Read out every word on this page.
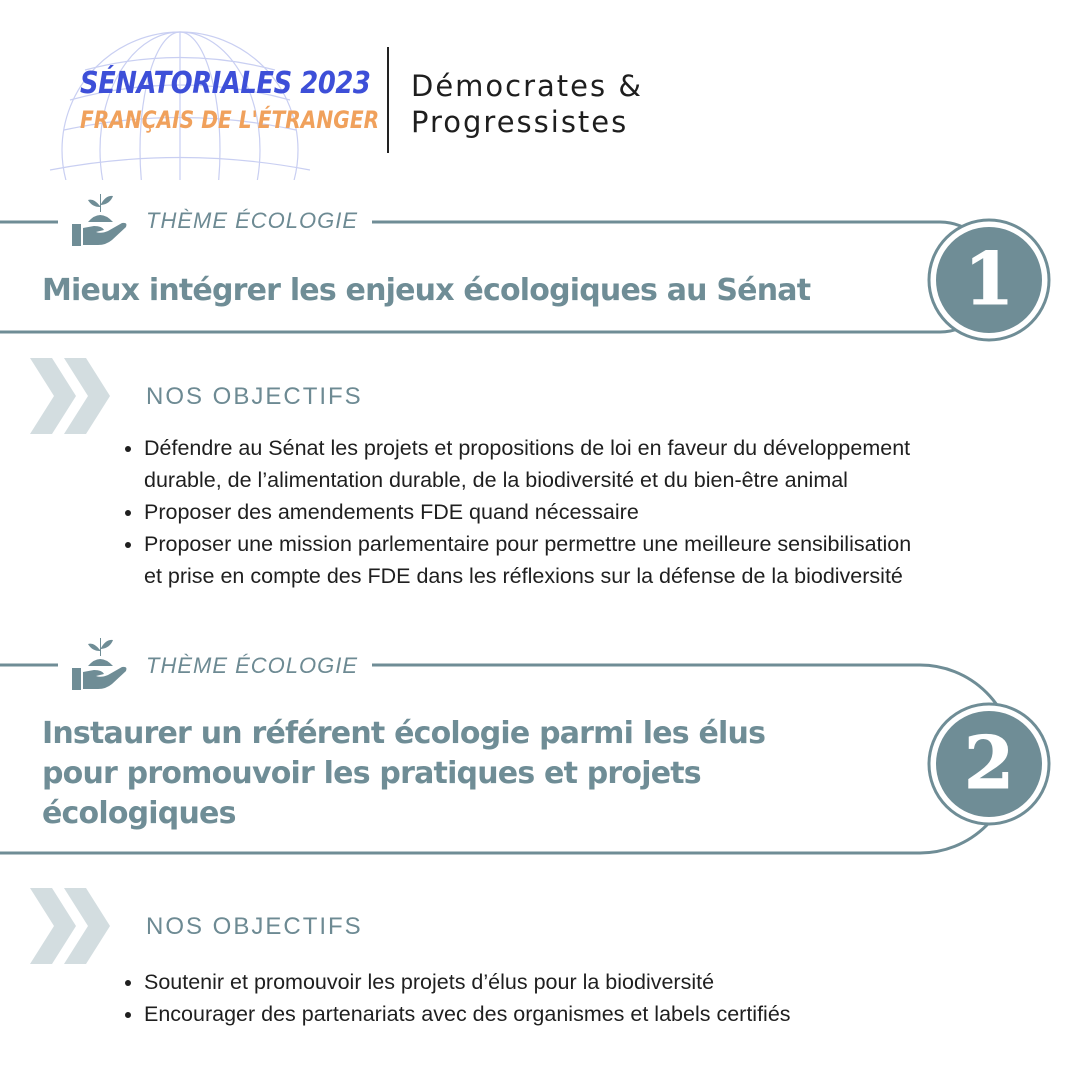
SÉNATORIALES 2023
FRANÇAIS DE L'ÉTRANGER
Démocrates &
Progressistes
THÈME ÉCOLOGIE
Mieux intégrer les enjeux écologiques au Sénat 1
NOS OBJECTIFS
• Défendre au Sénat les projets et propositions de loi en faveur du développement
durable, de l’alimentation durable, de la biodiversité et du bien-être animal
• Proposer des amendements FDE quand nécessaire
• Proposer une mission parlementaire pour permettre une meilleure sensibilisation
et prise en compte des FDE dans les réflexions sur la défense de la biodiversité
THÈME ÉCOLOGIE
Instaurer un référent écologie parmi les élus
pour promouvoir les pratiques et projets
écologiques
2
NOS OBJECTIFS
• Soutenir et promouvoir les projets d’élus pour la biodiversité
• Encourager des partenariats avec des organismes et labels certifiés
